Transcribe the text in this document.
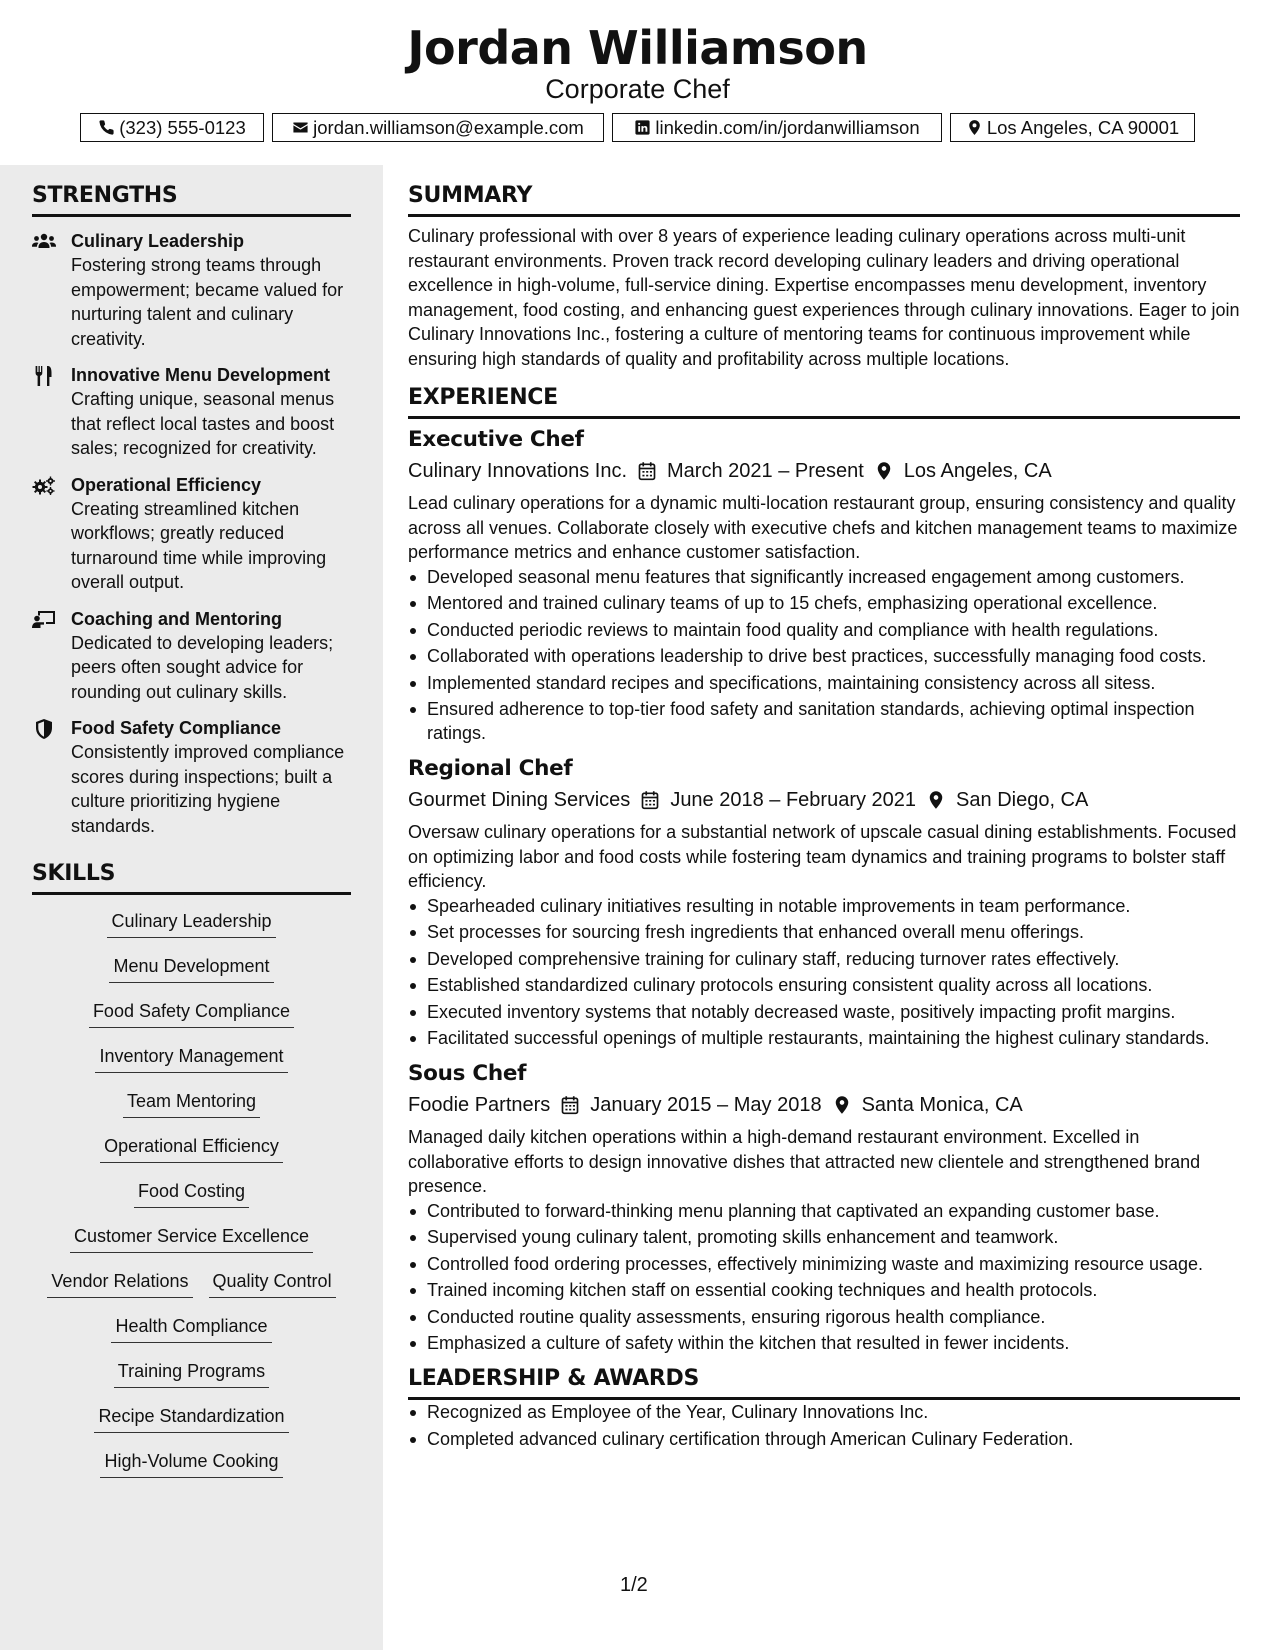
Jordan Williamson
Corporate Chef
(323) 555-0123	jordan.williamson@example.com	linkedin.com/in/jordanwilliamson	Los Angeles, CA 90001
STRENGTHS
Culinary Leadership
Fostering strong teams through empowerment; became valued for nurturing talent and culinary creativity.
Innovative Menu Development
Crafting unique, seasonal menus that reflect local tastes and boost sales; recognized for creativity.
Operational Efficiency
Creating streamlined kitchen workflows; greatly reduced turnaround time while improving overall output.
Coaching and Mentoring
Dedicated to developing leaders; peers often sought advice for rounding out culinary skills.
Food Safety Compliance
Consistently improved compliance scores during inspections; built a culture prioritizing hygiene standards.
SKILLS
Culinary Leadership
Menu Development
Food Safety Compliance
Inventory Management
Team Mentoring
Operational Efficiency
Food Costing
Customer Service Excellence
Vendor Relations Quality Control
Health Compliance
Training Programs
Recipe Standardization
High-Volume Cooking
SUMMARY
Culinary professional with over 8 years of experience leading culinary operations across multi-unit restaurant environments. Proven track record developing culinary leaders and driving operational excellence in high-volume, full-service dining. Expertise encompasses menu development, inventory management, food costing, and enhancing guest experiences through culinary innovations. Eager to join Culinary Innovations Inc., fostering a culture of mentoring teams for continuous improvement while ensuring high standards of quality and profitability across multiple locations.
EXPERIENCE
Executive Chef
Culinary Innovations Inc. March 2021 – Present Los Angeles, CA
Lead culinary operations for a dynamic multi-location restaurant group, ensuring consistency and quality across all venues. Collaborate closely with executive chefs and kitchen management teams to maximize performance metrics and enhance customer satisfaction.
Developed seasonal menu features that significantly increased engagement among customers.
Mentored and trained culinary teams of up to 15 chefs, emphasizing operational excellence.
Conducted periodic reviews to maintain food quality and compliance with health regulations.
Collaborated with operations leadership to drive best practices, successfully managing food costs.
Implemented standard recipes and specifications, maintaining consistency across all sitess.
Ensured adherence to top-tier food safety and sanitation standards, achieving optimal inspection ratings.
Regional Chef
Gourmet Dining Services June 2018 – February 2021 San Diego, CA
Oversaw culinary operations for a substantial network of upscale casual dining establishments. Focused on optimizing labor and food costs while fostering team dynamics and training programs to bolster staff efficiency.
Spearheaded culinary initiatives resulting in notable improvements in team performance.
Set processes for sourcing fresh ingredients that enhanced overall menu offerings.
Developed comprehensive training for culinary staff, reducing turnover rates effectively.
Established standardized culinary protocols ensuring consistent quality across all locations.
Executed inventory systems that notably decreased waste, positively impacting profit margins.
Facilitated successful openings of multiple restaurants, maintaining the highest culinary standards.
Sous Chef
Foodie Partners January 2015 – May 2018 Santa Monica, CA
Managed daily kitchen operations within a high-demand restaurant environment. Excelled in collaborative efforts to design innovative dishes that attracted new clientele and strengthened brand presence.
Contributed to forward-thinking menu planning that captivated an expanding customer base.
Supervised young culinary talent, promoting skills enhancement and teamwork.
Controlled food ordering processes, effectively minimizing waste and maximizing resource usage.
Trained incoming kitchen staff on essential cooking techniques and health protocols.
Conducted routine quality assessments, ensuring rigorous health compliance.
Emphasized a culture of safety within the kitchen that resulted in fewer incidents.
LEADERSHIP & AWARDS
Recognized as Employee of the Year, Culinary Innovations Inc.
Completed advanced culinary certification through American Culinary Federation.
1/2
